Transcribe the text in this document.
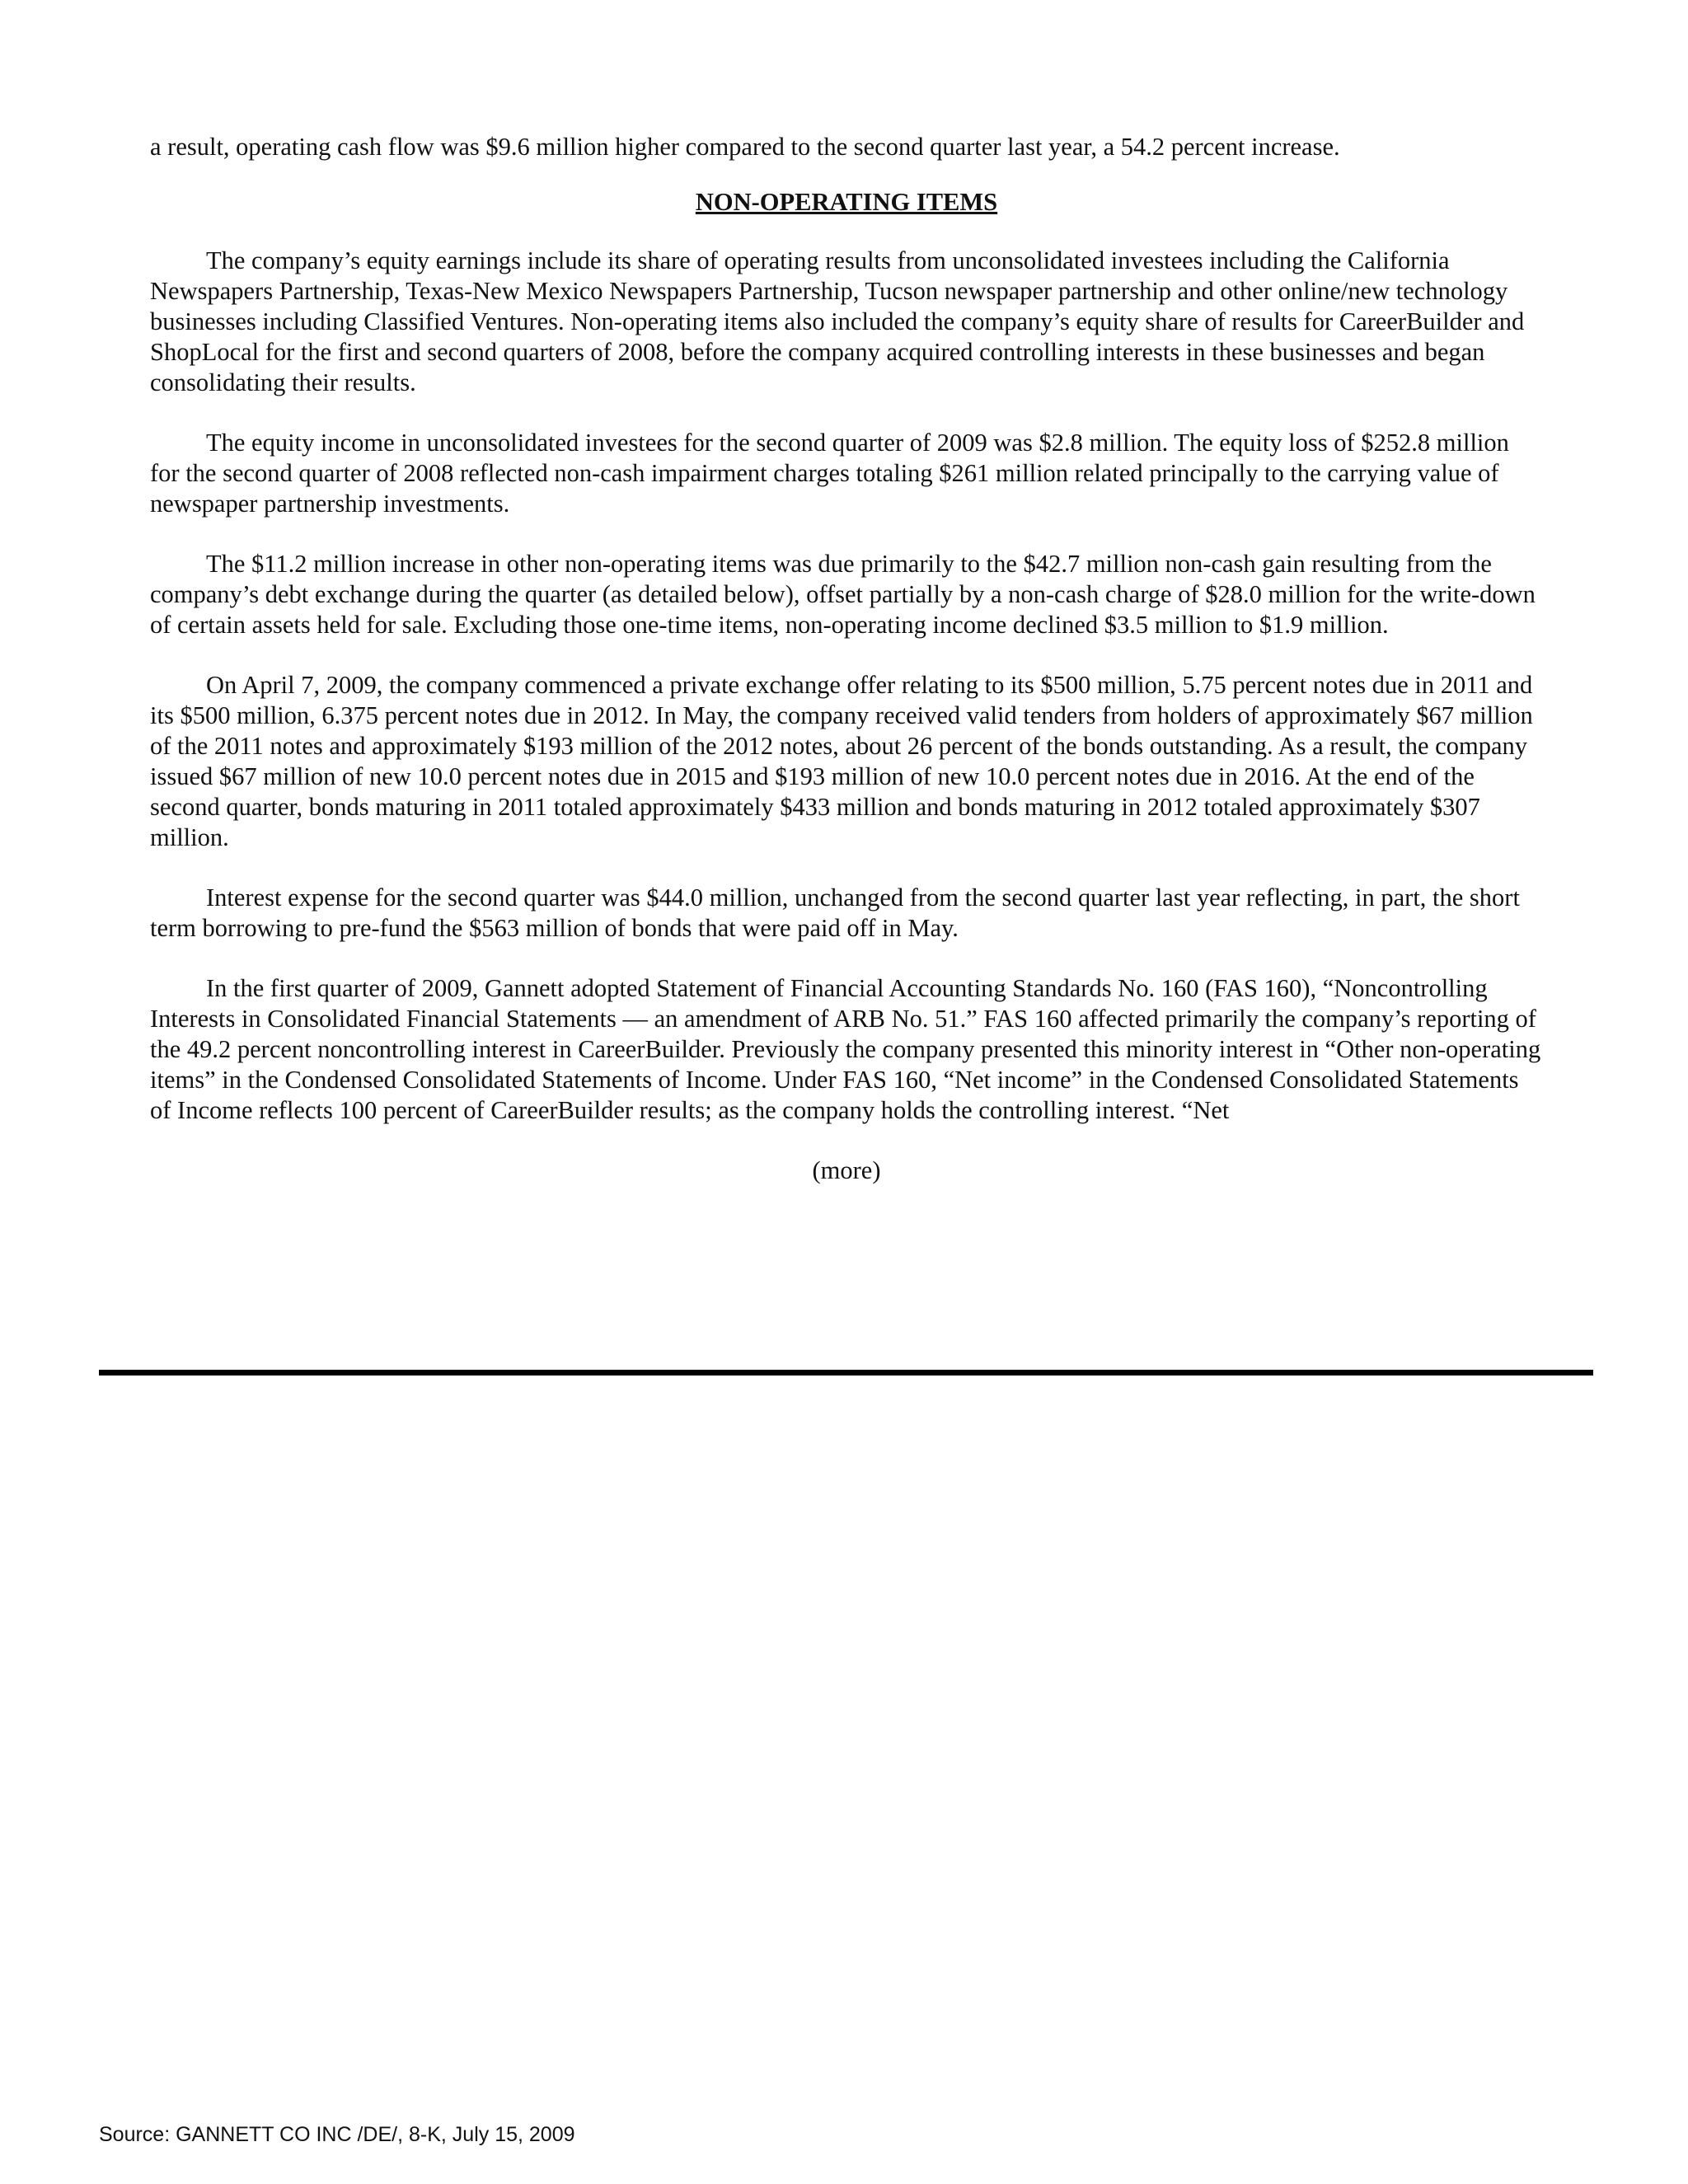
a result, operating cash flow was $9.6 million higher compared to the second quarter last year, a 54.2 percent increase.

NON-OPERATING ITEMS

The company’s equity earnings include its share of operating results from unconsolidated investees including the California Newspapers Partnership, Texas-New Mexico Newspapers Partnership, Tucson newspaper partnership and other online/new technology businesses including Classified Ventures. Non-operating items also included the company’s equity share of results for CareerBuilder and ShopLocal for the first and second quarters of 2008, before the company acquired controlling interests in these businesses and began consolidating their results.

The equity income in unconsolidated investees for the second quarter of 2009 was $2.8 million. The equity loss of $252.8 million for the second quarter of 2008 reflected non-cash impairment charges totaling $261 million related principally to the carrying value of newspaper partnership investments.

The $11.2 million increase in other non-operating items was due primarily to the $42.7 million non-cash gain resulting from the company’s debt exchange during the quarter (as detailed below), offset partially by a non-cash charge of $28.0 million for the write-down of certain assets held for sale. Excluding those one-time items, non-operating income declined $3.5 million to $1.9 million.

On April 7, 2009, the company commenced a private exchange offer relating to its $500 million, 5.75 percent notes due in 2011 and its $500 million, 6.375 percent notes due in 2012. In May, the company received valid tenders from holders of approximately $67 million of the 2011 notes and approximately $193 million of the 2012 notes, about 26 percent of the bonds outstanding. As a result, the company issued $67 million of new 10.0 percent notes due in 2015 and $193 million of new 10.0 percent notes due in 2016. At the end of the second quarter, bonds maturing in 2011 totaled approximately $433 million and bonds maturing in 2012 totaled approximately $307 million.

Interest expense for the second quarter was $44.0 million, unchanged from the second quarter last year reflecting, in part, the short term borrowing to pre-fund the $563 million of bonds that were paid off in May.

In the first quarter of 2009, Gannett adopted Statement of Financial Accounting Standards No. 160 (FAS 160), “Noncontrolling Interests in Consolidated Financial Statements — an amendment of ARB No. 51.” FAS 160 affected primarily the company’s reporting of the 49.2 percent noncontrolling interest in CareerBuilder. Previously the company presented this minority interest in “Other non-operating items” in the Condensed Consolidated Statements of Income. Under FAS 160, “Net income” in the Condensed Consolidated Statements of Income reflects 100 percent of CareerBuilder results; as the company holds the controlling interest. “Net

(more)

Source: GANNETT CO INC /DE/, 8-K, July 15, 2009
